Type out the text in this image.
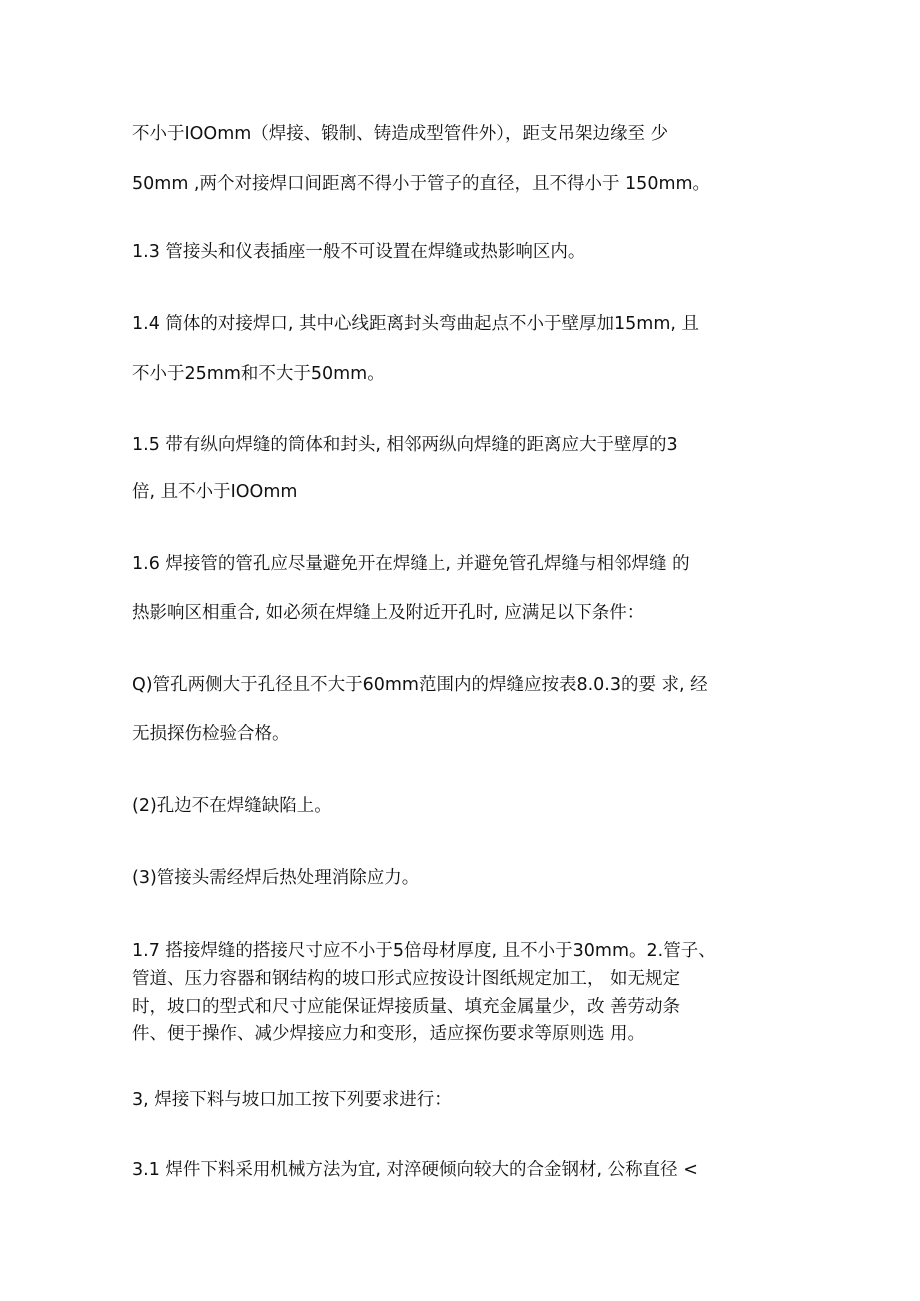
不小于IOOmm（焊接、锻制、铸造成型管件外），距支吊架边缘至 少
50mm ,两个对接焊口间距离不得小于管子的直径，且不得小于 150mm。
1.3 管接头和仪表插座一般不可设置在焊缝或热影响区内。
1.4 筒体的对接焊口, 其中心线距离封头弯曲起点不小于壁厚加15mm, 且
不小于25mm和不大于50mm。
1.5 带有纵向焊缝的筒体和封头, 相邻两纵向焊缝的距离应大于壁厚的3
倍, 且不小于IOOmm
1.6 焊接管的管孔应尽量避免开在焊缝上, 并避免管孔焊缝与相邻焊缝 的
热影响区相重合, 如必须在焊缝上及附近开孔时, 应满足以下条件：
Q)管孔两侧大于孔径且不大于60mm范围内的焊缝应按表8.0.3的要 求, 经
无损探伤检验合格。
(2)孔边不在焊缝缺陷上。
(3)管接头需经焊后热处理消除应力。
1.7 搭接焊缝的搭接尺寸应不小于5倍母材厚度, 且不小于30mm。2.管子、
管道、压力容器和钢结构的坡口形式应按设计图纸规定加工， 如无规定
时，坡口的型式和尺寸应能保证焊接质量、填充金属量少，改 善劳动条
件、便于操作、减少焊接应力和变形，适应探伤要求等原则选 用。
3, 焊接下料与坡口加工按下列要求进行：
3.1 焊件下料采用机械方法为宜, 对淬硬倾向较大的合金钢材, 公称直径 <
